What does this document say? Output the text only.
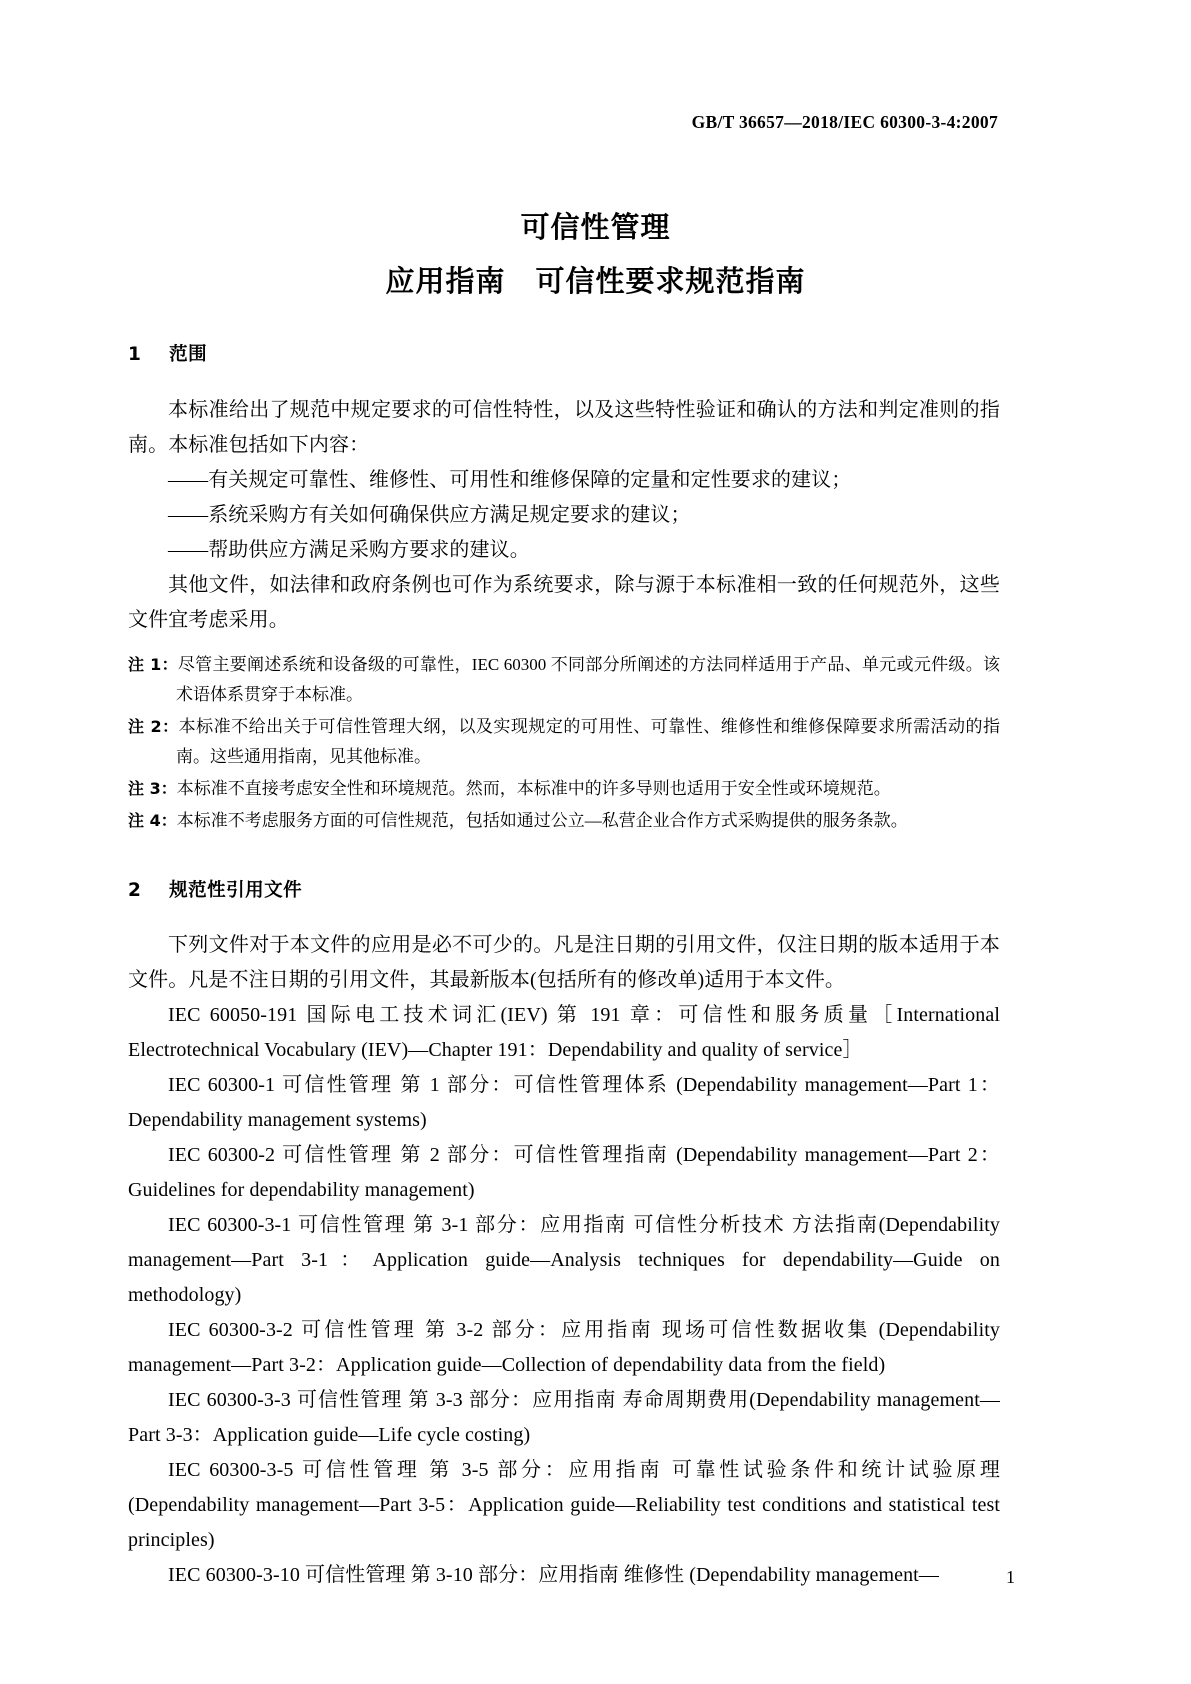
GB/T 36657—2018/IEC 60300-3-4:2007
可信性管理
应用指南　可信性要求规范指南
1    范围

本标准给出了规范中规定要求的可信性特性，以及这些特性验证和确认的方法和判定准则的指南。本标准包括如下内容：

——有关规定可靠性、维修性、可用性和维修保障的定量和定性要求的建议；

——系统采购方有关如何确保供应方满足规定要求的建议；

——帮助供应方满足采购方要求的建议。

其他文件，如法律和政府条例也可作为系统要求，除与源于本标准相一致的任何规范外，这些文件宜考虑采用。

注 1：尽管主要阐述系统和设备级的可靠性，IEC 60300 不同部分所阐述的方法同样适用于产品、单元或元件级。该术语体系贯穿于本标准。

注 2：本标准不给出关于可信性管理大纲，以及实现规定的可用性、可靠性、维修性和维修保障要求所需活动的指南。这些通用指南，见其他标准。

注 3：本标准不直接考虑安全性和环境规范。然而，本标准中的许多导则也适用于安全性或环境规范。

注 4：本标准不考虑服务方面的可信性规范，包括如通过公立—私营企业合作方式采购提供的服务条款。

2    规范性引用文件

下列文件对于本文件的应用是必不可少的。凡是注日期的引用文件，仅注日期的版本适用于本文件。凡是不注日期的引用文件，其最新版本(包括所有的修改单)适用于本文件。

IEC 60050-191 国际电工技术词汇(IEV) 第 191 章：可信性和服务质量［International Electrotechnical Vocabulary (IEV)—Chapter 191：Dependability and quality of service］

IEC 60300-1 可信性管理 第 1 部分：可信性管理体系 (Dependability management—Part 1：Dependability management systems)

IEC 60300-2 可信性管理 第 2 部分：可信性管理指南 (Dependability management—Part 2：Guidelines for dependability management)

IEC 60300-3-1 可信性管理 第 3-1 部分：应用指南 可信性分析技术 方法指南(Dependability management—Part 3-1：Application guide—Analysis techniques for dependability—Guide on methodology)

IEC 60300-3-2 可信性管理 第 3-2 部分：应用指南 现场可信性数据收集 (Dependability management—Part 3-2：Application guide—Collection of dependability data from the field)

IEC 60300-3-3 可信性管理 第 3-3 部分：应用指南 寿命周期费用(Dependability management—Part 3-3：Application guide—Life cycle costing)

IEC 60300-3-5 可信性管理 第 3-5 部分：应用指南 可靠性试验条件和统计试验原理(Dependability management—Part 3-5：Application guide—Reliability test conditions and statistical test principles)

IEC 60300-3-10 可信性管理 第 3-10 部分：应用指南 维修性 (Dependability management—	1
